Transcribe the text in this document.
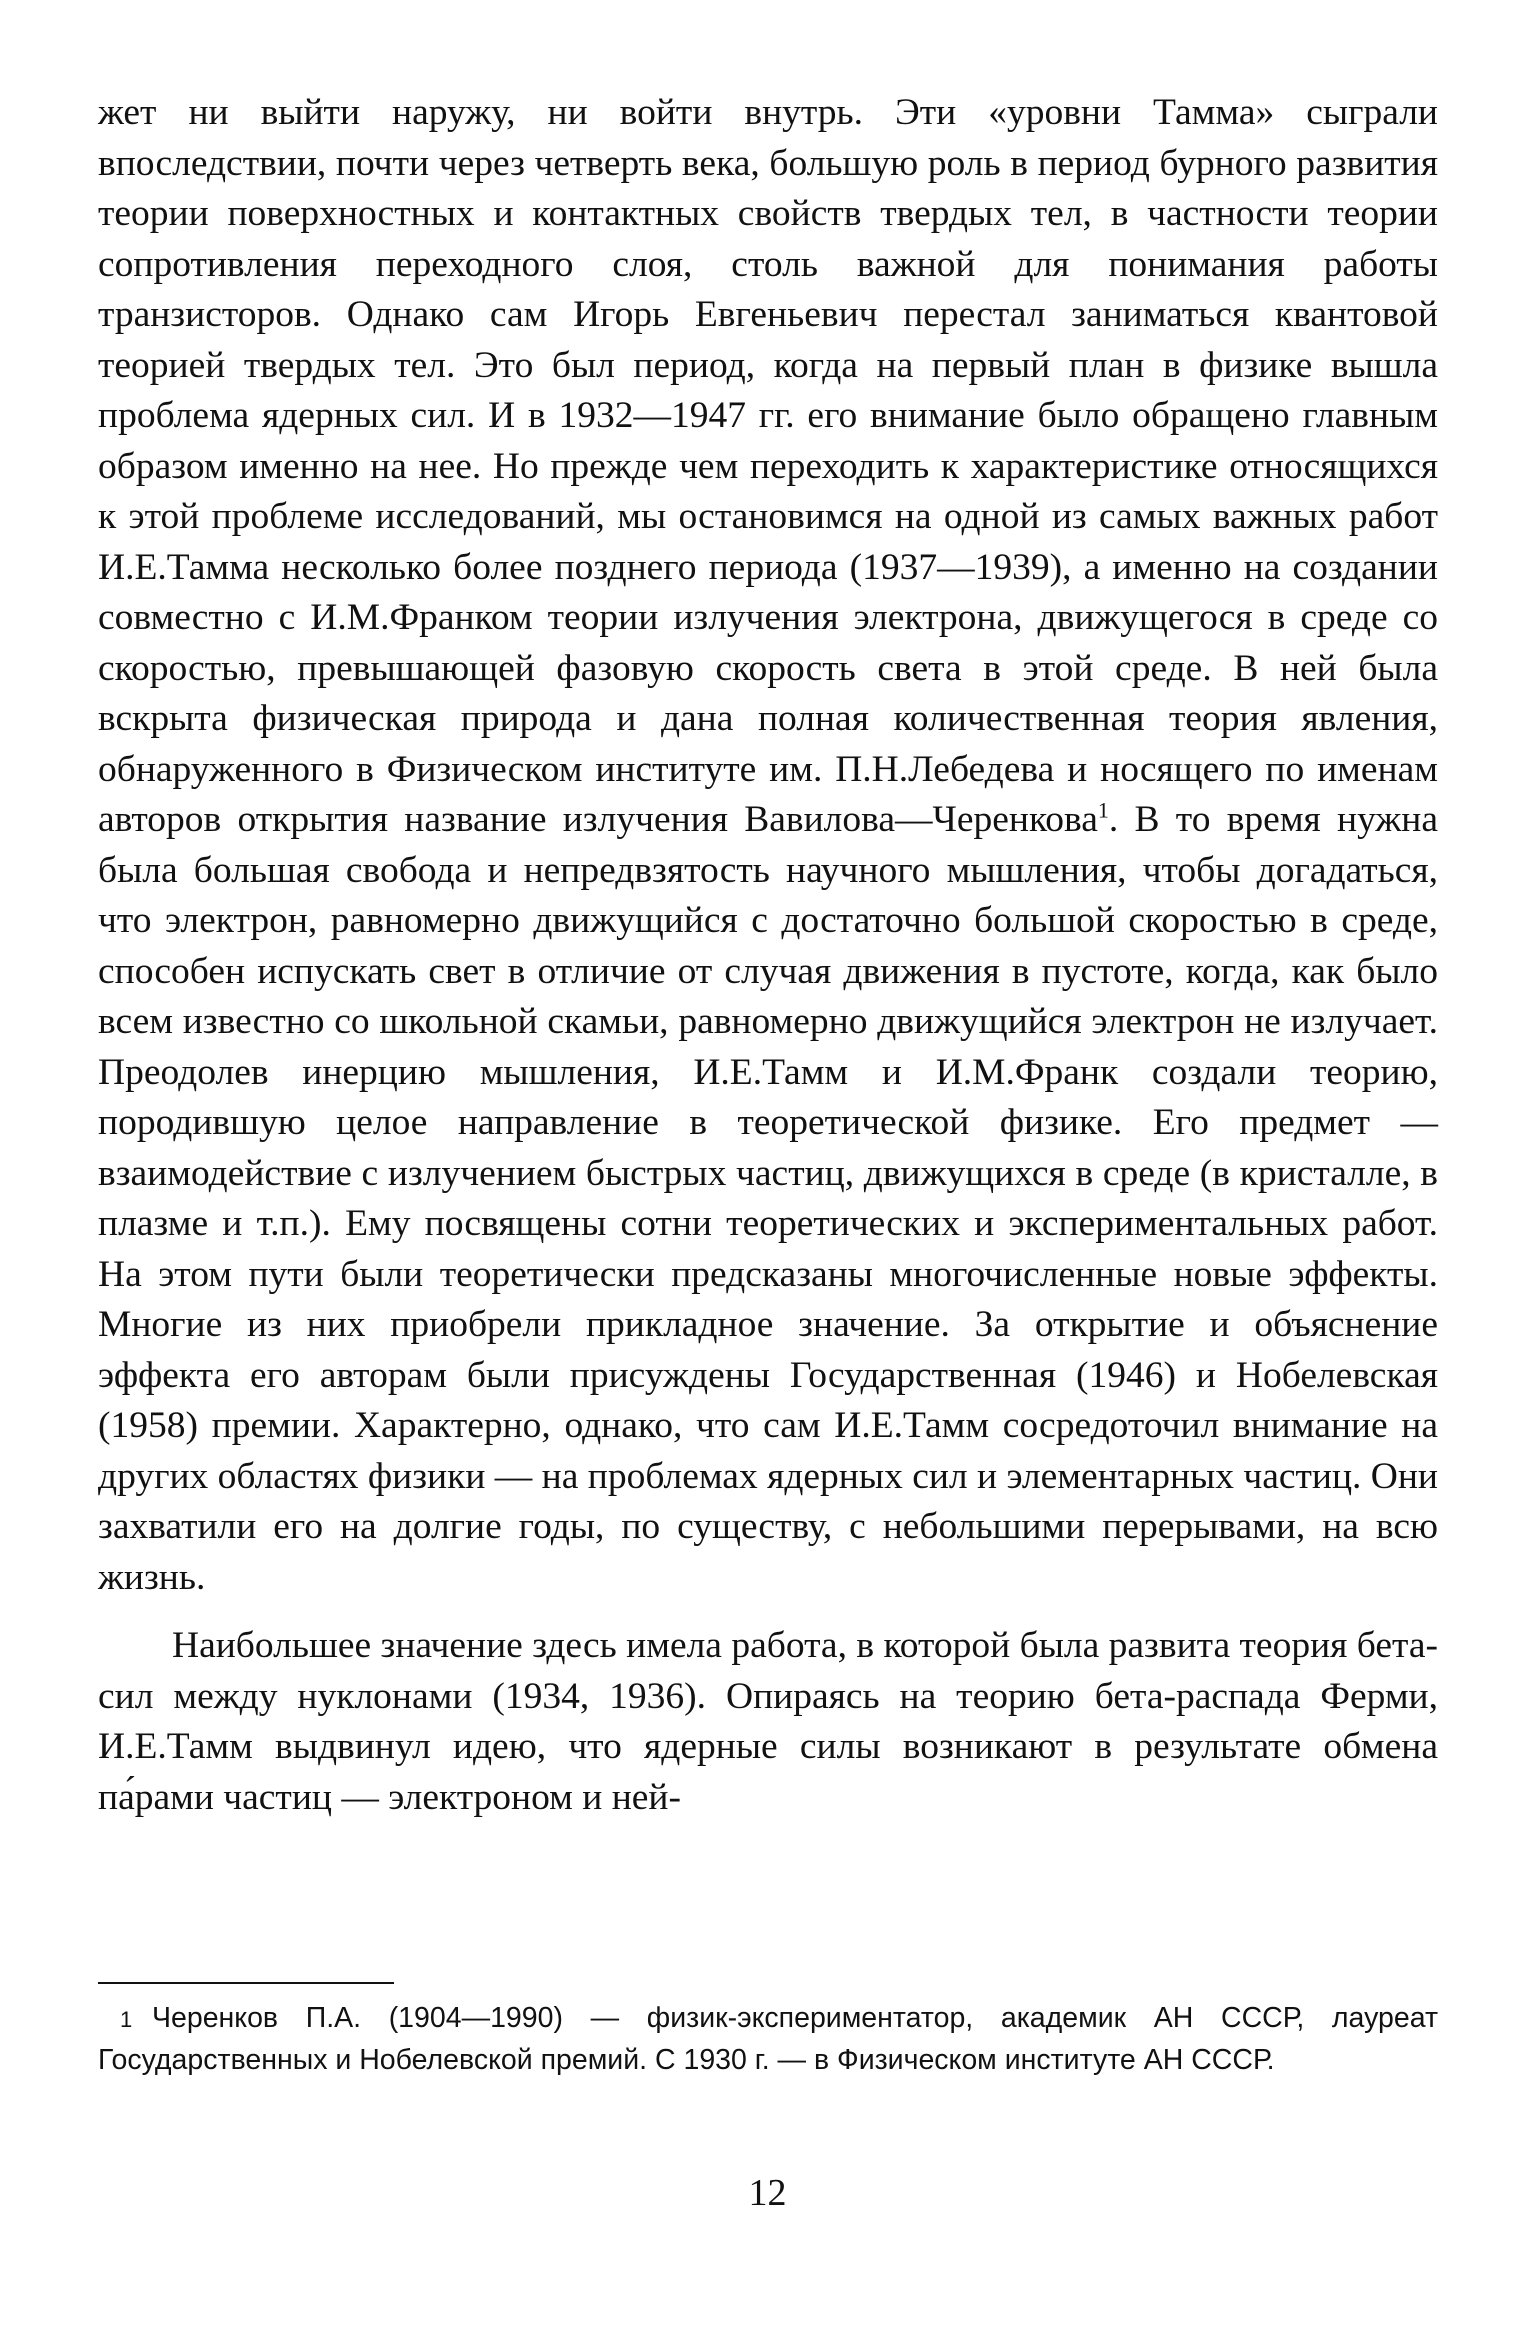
жет ни выйти наружу, ни войти внутрь. Эти «уровни Тамма» сыграли впоследствии, почти через четверть века, большую роль в период бурного развития теории поверхностных и контактных свойств твердых тел, в частности теории сопротивления переходного слоя, столь важной для понимания работы транзисторов. Однако сам Игорь Евгеньевич перестал заниматься квантовой теорией твердых тел. Это был период, когда на первый план в физике вышла проблема ядерных сил. И в 1932—1947 гг. его внимание было обращено главным образом именно на нее. Но прежде чем переходить к характеристике относящихся к этой проблеме исследований, мы остановимся на одной из самых важных работ И.Е.Тамма несколько более позднего периода (1937—1939), а именно на создании совместно с И.М.Франком теории излучения электрона, движущегося в среде со скоростью, превышающей фазовую скорость света в этой среде. В ней была вскрыта физическая природа и дана полная количественная теория явления, обнаруженного в Физическом институте им. П.Н.Лебедева и носящего по именам авторов открытия название излучения Вавилова—Черенкова$^1$. В то время нужна была большая свобода и непредвзятость научного мышления, чтобы догадаться, что электрон, равномерно движущийся с достаточно большой скоростью в среде, способен испускать свет в отличие от случая движения в пустоте, когда, как было всем известно со школьной скамьи, равномерно движущийся электрон не излучает. Преодолев инерцию мышления, И.Е.Тамм и И.М.Франк создали теорию, породившую целое направление в теоретической физике. Его предмет — взаимодействие с излучением быстрых частиц, движущихся в среде (в кристалле, в плазме и т.п.). Ему посвящены сотни теоретических и экспериментальных работ. На этом пути были теоретически предсказаны многочисленные новые эффекты. Многие из них приобрели прикладное значение. За открытие и объяснение эффекта его авторам были присуждены Государственная (1946) и Нобелевская (1958) премии. Характерно, однако, что сам И.Е.Тамм сосредоточил внимание на других областях физики — на проблемах ядерных сил и элементарных частиц. Они захватили его на долгие годы, по существу, с небольшими перерывами, на всю жизнь.

Наибольшее значение здесь имела работа, в которой была развита теория бета-сил между нуклонами (1934, 1936). Опираясь на теорию бета-распада Ферми, И.Е.Тамм выдвинул идею, что ядерные силы возникают в результате обмена па́рами частиц — электроном и ней-

1 Черенков П.А. (1904—1990) — физик-экспериментатор, академик АН СССР, лауреат Государственных и Нобелевской премий. С 1930 г. — в Физическом институте АН СССР.

12
